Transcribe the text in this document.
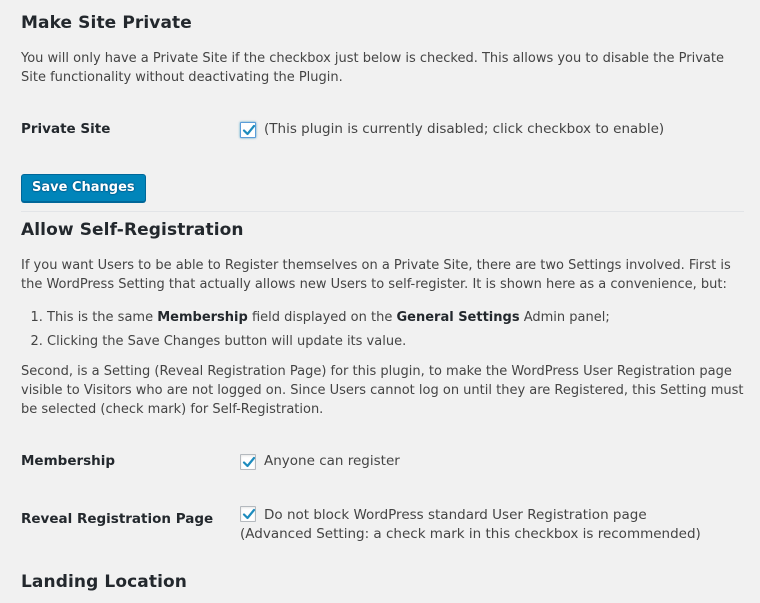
Make Site Private

You will only have a Private Site if the checkbox just below is checked. This allows you to disable the Private Site functionality without deactivating the Plugin.

Private Site	(This plugin is currently disabled; click checkbox to enable)
Save Changes
Allow Self-Registration

If you want Users to be able to Register themselves on a Private Site, there are two Settings involved. First is the WordPress Setting that actually allows new Users to self-register. It is shown here as a convenience, but:

1. This is the same Membership field displayed on the General Settings Admin panel;
2. Clicking the Save Changes button will update its value.

Second, is a Setting (Reveal Registration Page) for this plugin, to make the WordPress User Registration page visible to Visitors who are not logged on. Since Users cannot log on until they are Registered, this Setting must be selected (check mark) for Self-Registration.

Membership	Anyone can register
Reveal Registration Page	Do not block WordPress standard User Registration page (Advanced Setting: a check mark in this checkbox is recommended)
Landing Location
